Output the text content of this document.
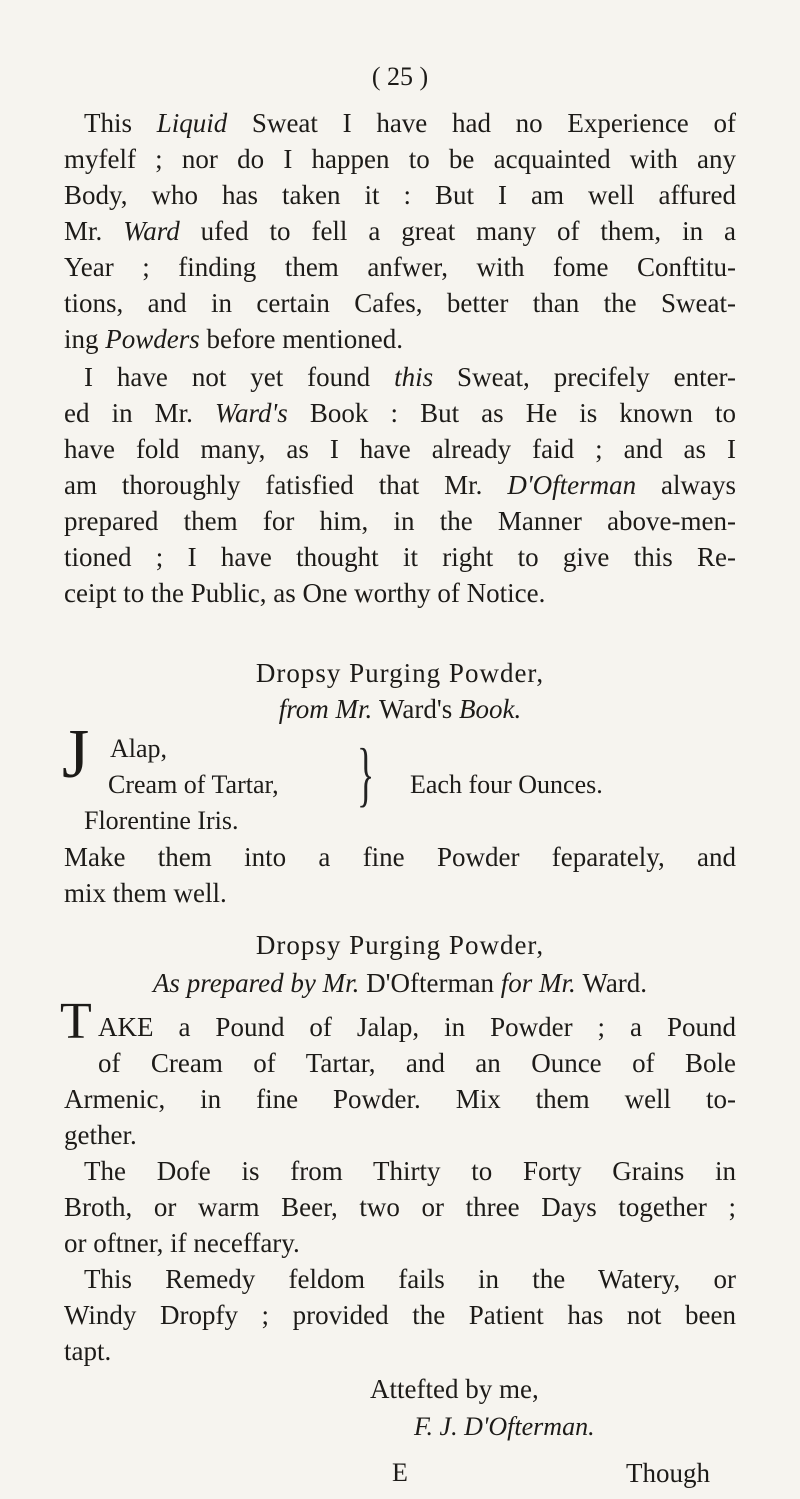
( 25 )
This Liquid Sweat I have had no Experience of
myfelf ; nor do I happen to be acquainted with any
Body, who has taken it : But I am well affured
Mr. Ward ufed to fell a great many of them, in a
Year ; finding them anfwer, with fome Conftitu-
tions, and in certain Cafes, better than the Sweat-
ing Powders before mentioned.
I have not yet found this Sweat, precifely enter-
ed in Mr. Ward's Book : But as He is known to
have fold many, as I have already faid ; and as I
am thoroughly fatisfied that Mr. D'Ofterman always
prepared them for him, in the Manner above-men-
tioned ; I have thought it right to give this Re-
ceipt to the Public, as One worthy of Notice.
Dropsy Purging Powder,
from Mr. Ward's Book.
J Alap,
Cream of Tartar,
Florentine Iris.
} Each four Ounces.
Make them into a fine Powder feparately, and
mix them well.
Dropsy Purging Powder,
As prepared by Mr. D'Ofterman for Mr. Ward.
T AKE a Pound of Jalap, in Powder ; a Pound
of Cream of Tartar, and an Ounce of Bole
Armenic, in fine Powder. Mix them well to-
gether.
The Dofe is from Thirty to Forty Grains in
Broth, or warm Beer, two or three Days together ;
or oftner, if neceffary.
This Remedy feldom fails in the Watery, or
Windy Dropfy ; provided the Patient has not been
tapt.
Attefted by me,
F. J. D'Ofterman.
E	Though
